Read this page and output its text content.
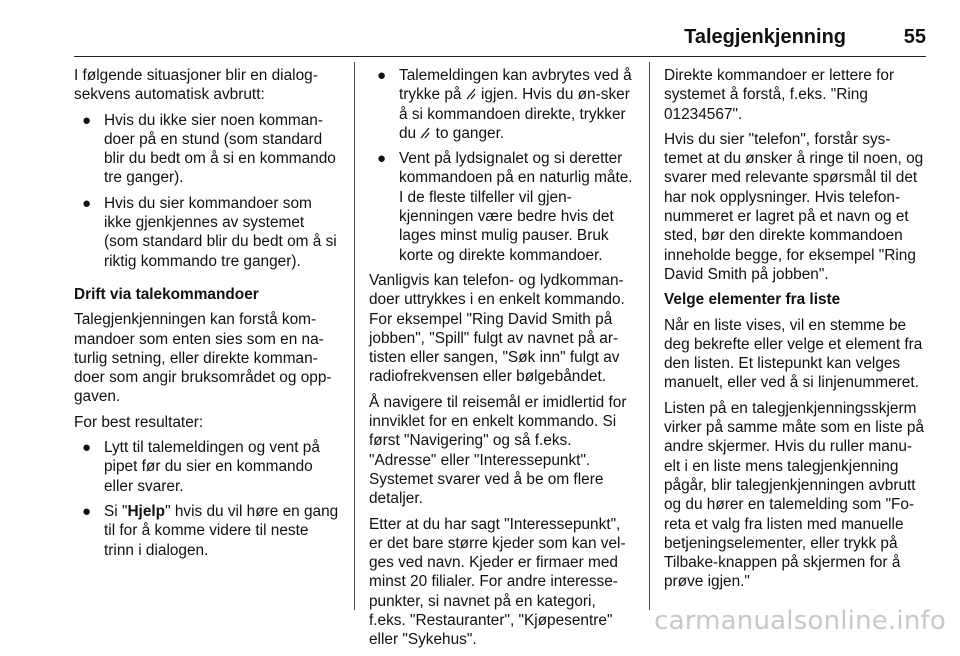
Talegjenkjenning	55

I følgende situasjoner blir en dialog-sekvens automatisk avbrutt:

● Hvis du ikke sier noen komman-doer på en stund (som standard blir du bedt om å si en kommando tre ganger).
● Hvis du sier kommandoer som ikke gjenkjennes av systemet (som standard blir du bedt om å si riktig kommando tre ganger).

Drift via talekommandoer

Talegjenkjenningen kan forstå kom-mandoer som enten sies som en na-turlig setning, eller direkte komman-doer som angir bruksområdet og opp-gaven.

For best resultater:

● Lytt til talemeldingen og vent på pipet før du sier en kommando eller svarer.
● Si "Hjelp" hvis du vil høre en gang til for å komme videre til neste trinn i dialogen.
● Talemeldingen kan avbrytes ved å trykke på  igjen. Hvis du øn-sker å si kommandoen direkte, trykker du  to ganger.
● Vent på lydsignalet og si deretter kommandoen på en naturlig måte. I de fleste tilfeller vil gjen-kjenningen være bedre hvis det lages minst mulig pauser. Bruk korte og direkte kommandoer.

Vanligvis kan telefon- og lydkomman-doer uttrykkes i en enkelt kommando. For eksempel "Ring David Smith på jobben", "Spill" fulgt av navnet på ar-tisten eller sangen, "Søk inn" fulgt av radiofrekvensen eller bølgebåndet.

Å navigere til reisemål er imidlertid for innviklet for en enkelt kommando. Si først "Navigering" og så f.eks. "Adresse" eller "Interessepunkt". Systemet svarer ved å be om flere detaljer.

Etter at du har sagt "Interessepunkt", er det bare større kjeder som kan vel-ges ved navn. Kjeder er firmaer med minst 20 filialer. For andre interesse-punkter, si navnet på en kategori, f.eks. "Restauranter", "Kjøpesentre" eller "Sykehus".

Direkte kommandoer er lettere for systemet å forstå, f.eks. "Ring 01234567".

Hvis du sier "telefon", forstår sys-temet at du ønsker å ringe til noen, og svarer med relevante spørsmål til det har nok opplysninger. Hvis telefon-nummeret er lagret på et navn og et sted, bør den direkte kommandoen inneholde begge, for eksempel "Ring David Smith på jobben".

Velge elementer fra liste

Når en liste vises, vil en stemme be deg bekrefte eller velge et element fra den listen. Et listepunkt kan velges manuelt, eller ved å si linjenummeret.

Listen på en talegjenkjenningsskjerm virker på samme måte som en liste på andre skjermer. Hvis du ruller manu-elt i en liste mens talegjenkjenning pågår, blir talegjenkjenningen avbrutt og du hører en talemelding som "Fo-reta et valg fra listen med manuelle betjeningselementer, eller trykk på Tilbake-knappen på skjermen for å prøve igjen."

carmanualsonline.info
